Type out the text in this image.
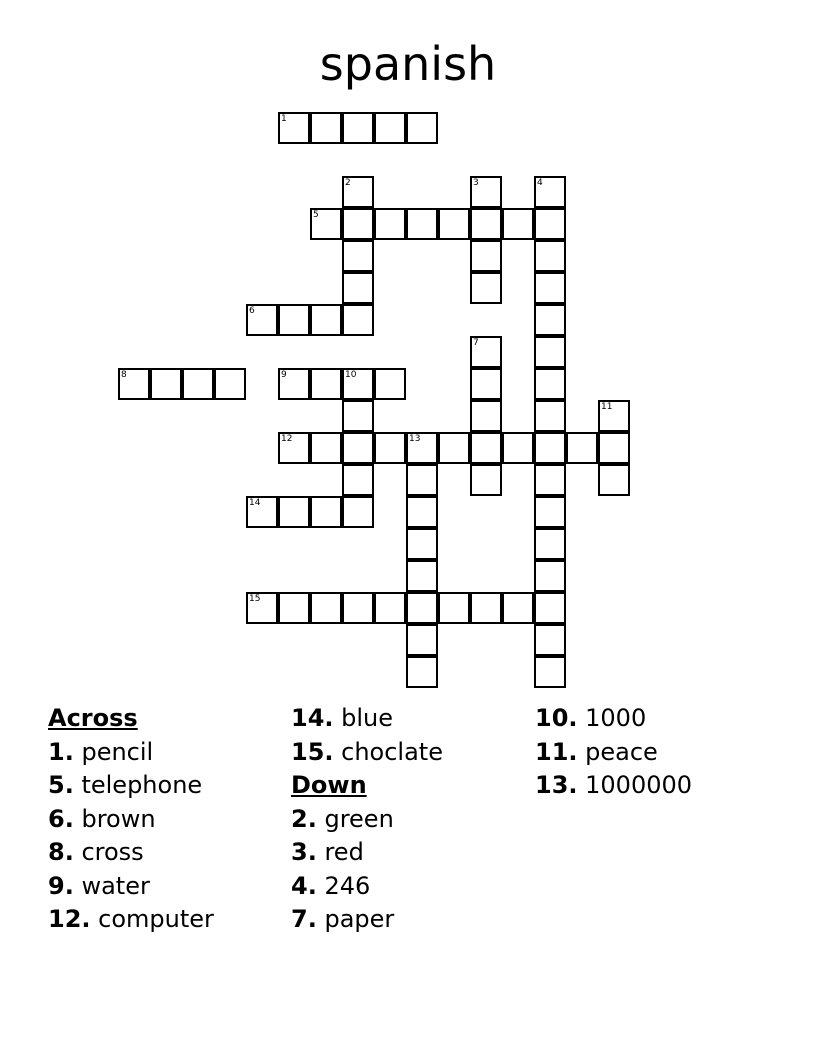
spanish
1
5
6
8	9	10
12	13
14
15
2	3	4
7
11
Across
1. pencil
5. telephone
6. brown
8. cross
9. water
12. computer
14. blue
15. choclate
Down
2. green
3. red
4. 246
7. paper
10. 1000
11. peace
13. 1000000
